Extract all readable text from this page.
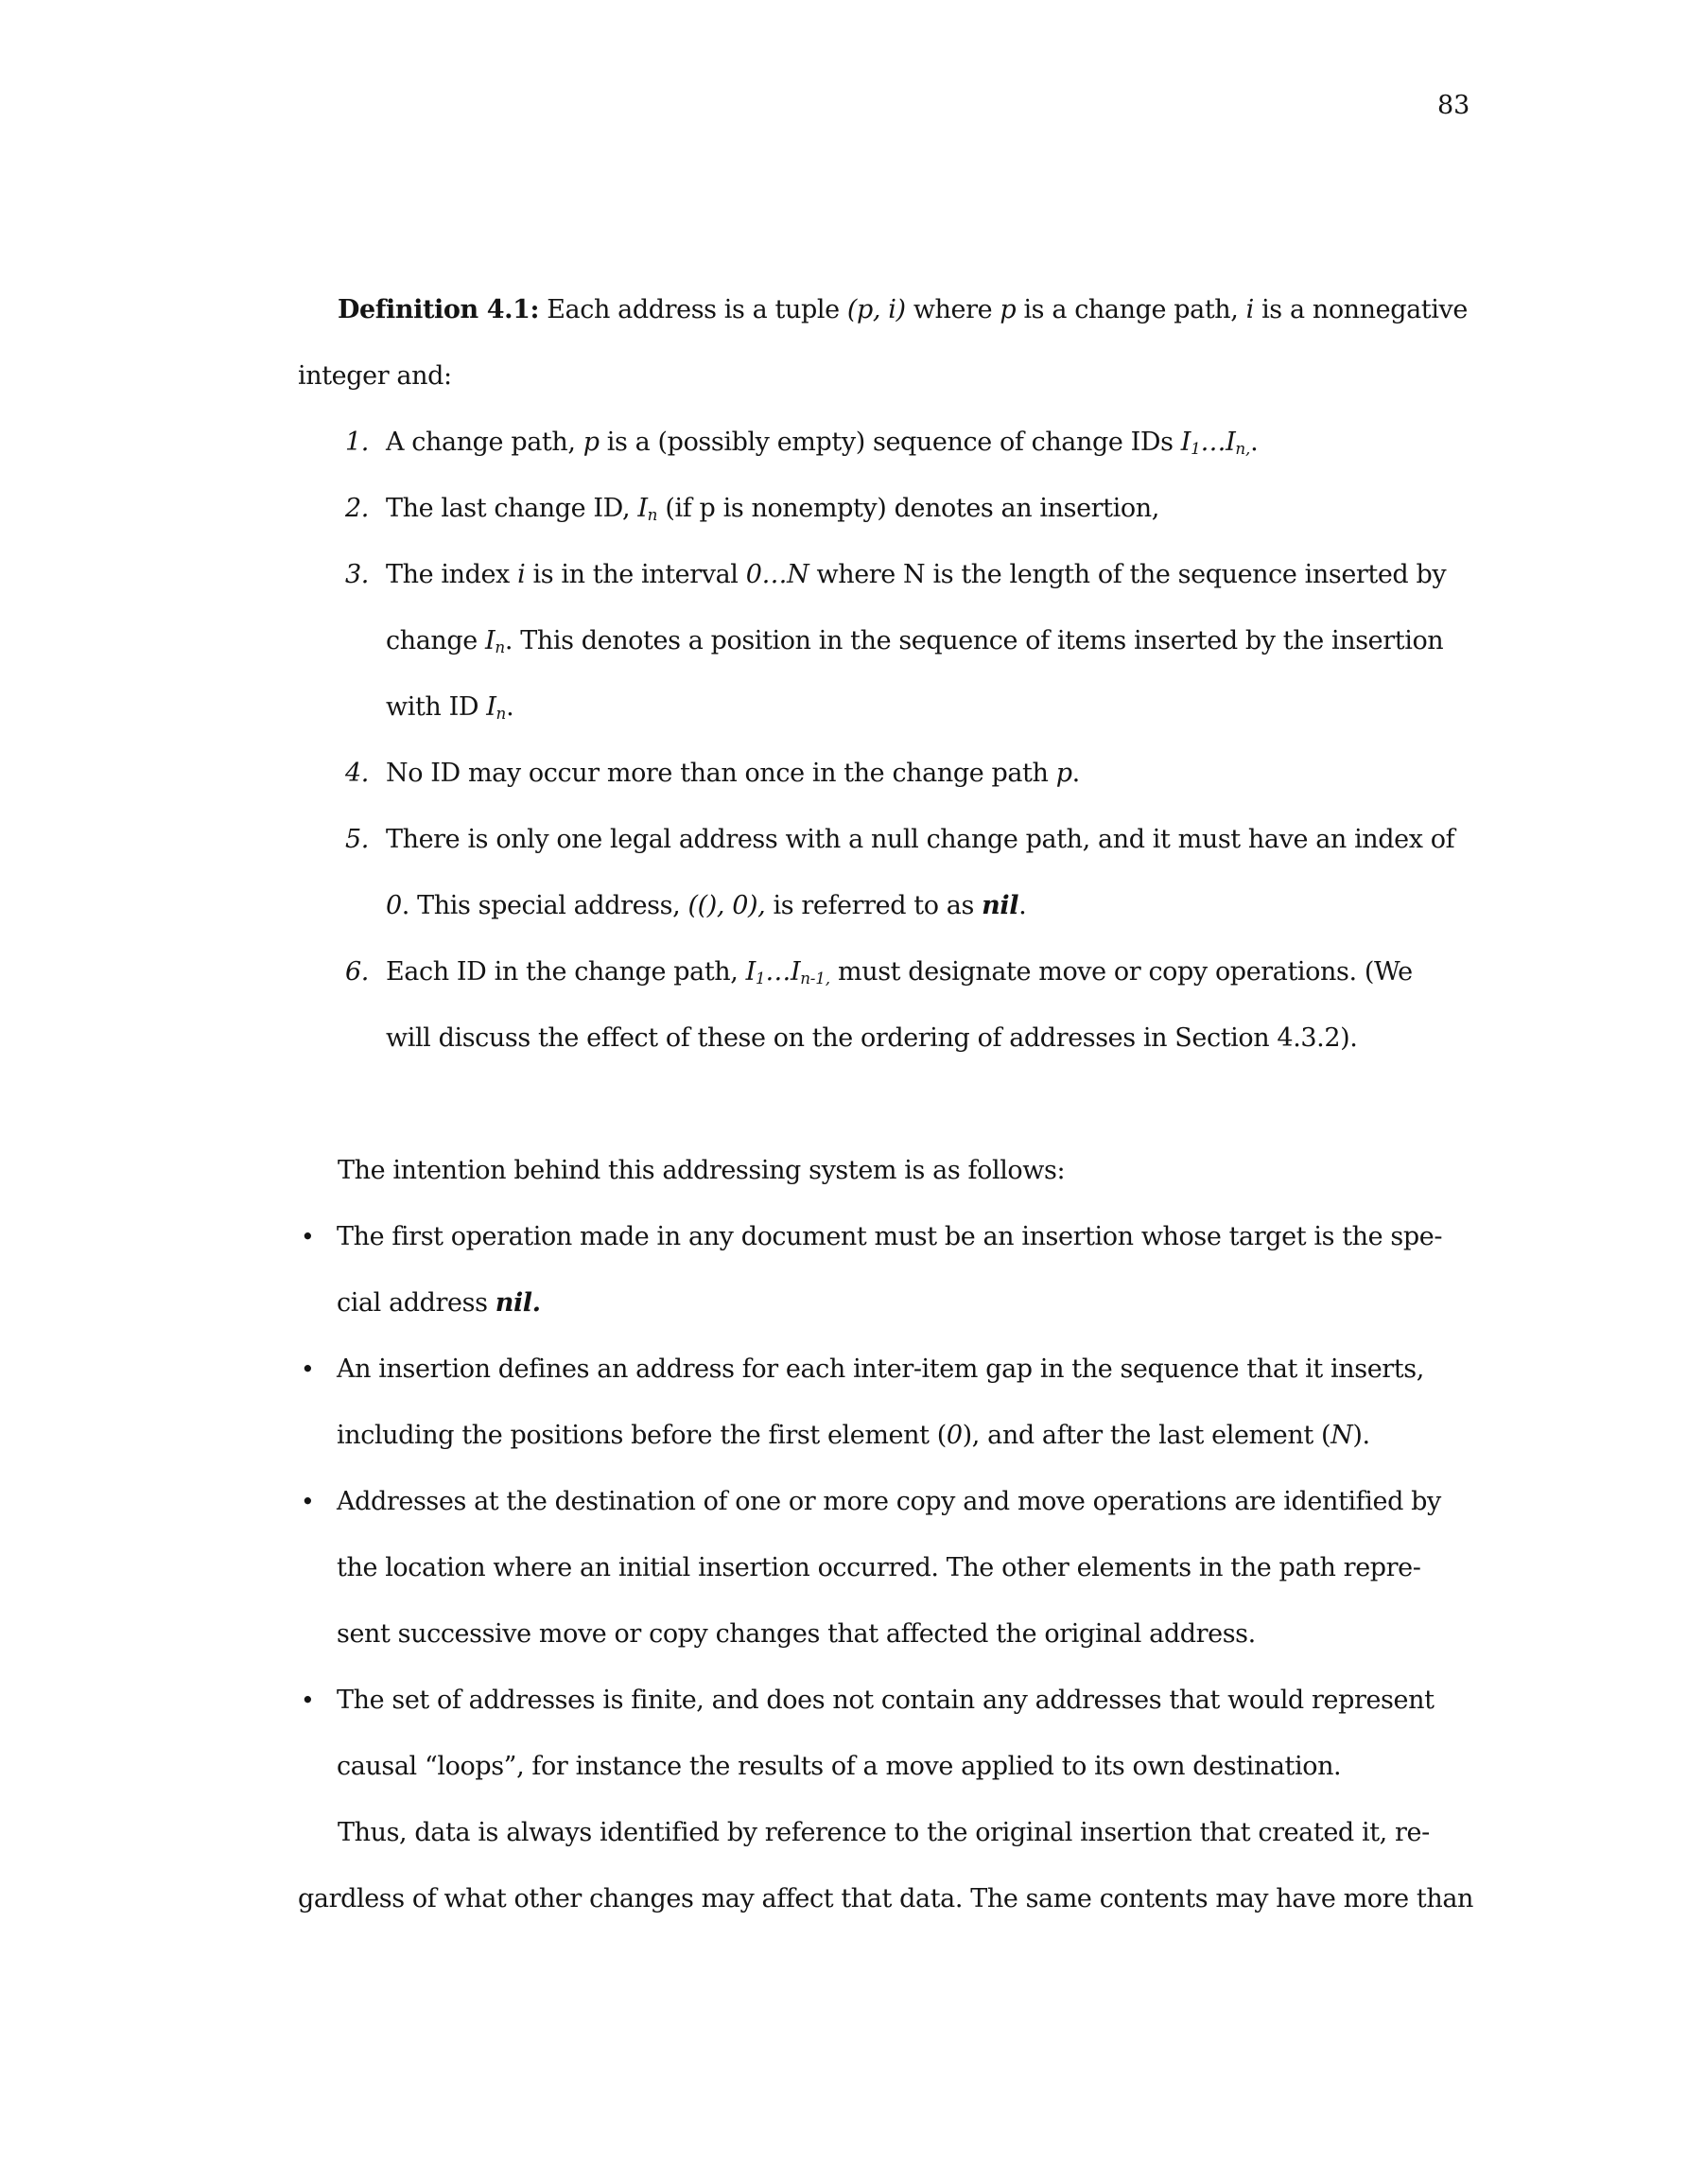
83
Definition 4.1: Each address is a tuple (p, i) where p is a change path, i is a nonnegative
integer and:
1. A change path, p is a (possibly empty) sequence of change IDs I1…In,.
2. The last change ID, In (if p is nonempty) denotes an insertion,
3. The index i is in the interval 0…N where N is the length of the sequence inserted by
change In. This denotes a position in the sequence of items inserted by the insertion
with ID In.
4. No ID may occur more than once in the change path p.
5. There is only one legal address with a null change path, and it must have an index of
0. This special address, ((), 0), is referred to as nil.
6. Each ID in the change path, I1…In-1, must designate move or copy operations. (We
will discuss the effect of these on the ordering of addresses in Section 4.3.2).
The intention behind this addressing system is as follows:
• The first operation made in any document must be an insertion whose target is the spe-
cial address nil.
• An insertion defines an address for each inter-item gap in the sequence that it inserts,
including the positions before the first element (0), and after the last element (N).
• Addresses at the destination of one or more copy and move operations are identified by
the location where an initial insertion occurred. The other elements in the path repre-
sent successive move or copy changes that affected the original address.
• The set of addresses is finite, and does not contain any addresses that would represent
causal “loops”, for instance the results of a move applied to its own destination.
Thus, data is always identified by reference to the original insertion that created it, re-
gardless of what other changes may affect that data. The same contents may have more than
